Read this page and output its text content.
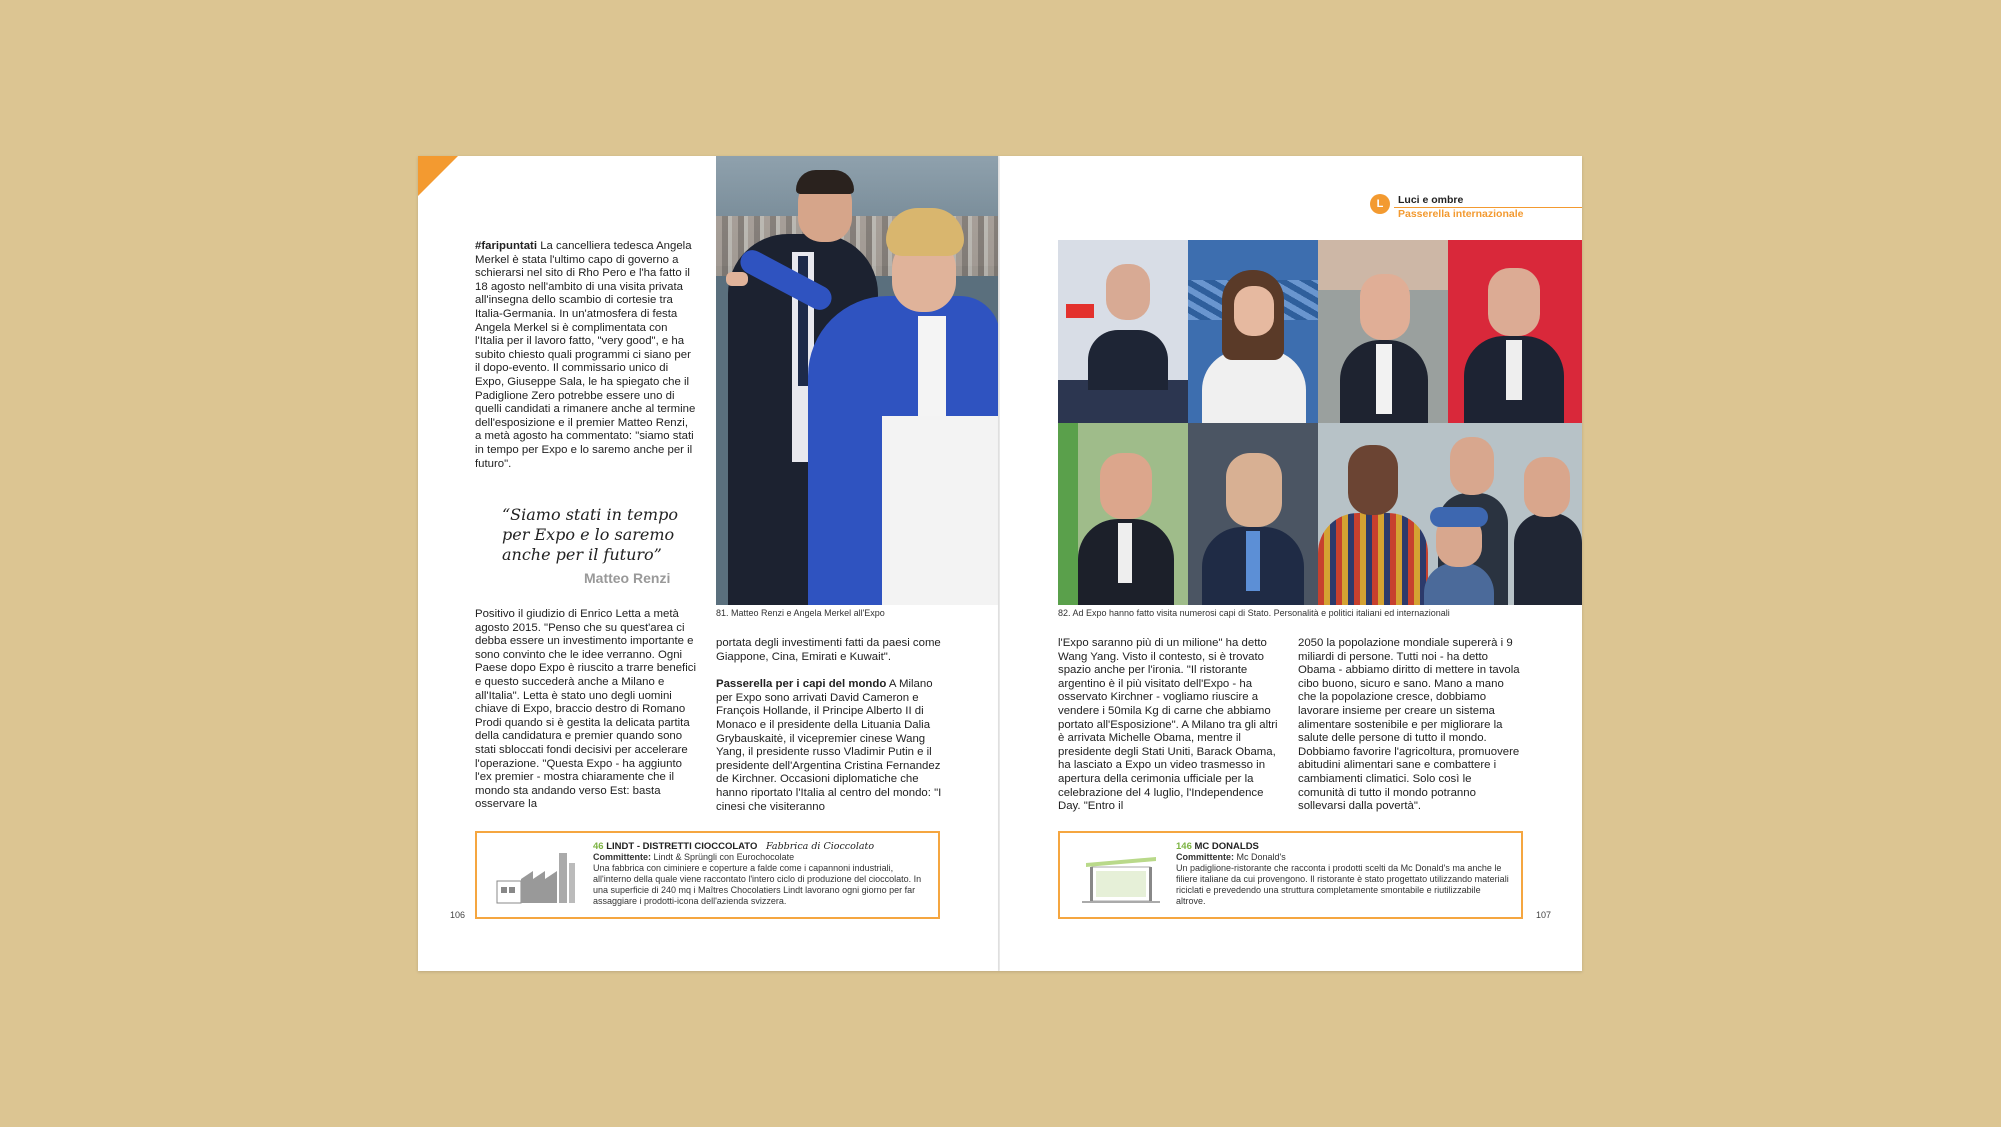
#faripuntati La cancelliera tedesca Angela Merkel è stata l'ultimo capo di governo a schierarsi nel sito di Rho Pero e l'ha fatto il 18 agosto nell'ambito di una visita privata all'insegna dello scambio di cortesie tra Italia-Germania. In un'atmosfera di festa Angela Merkel si è complimentata con l'Italia per il lavoro fatto, "very good", e ha subito chiesto quali programmi ci siano per il dopo-evento. Il commissario unico di Expo, Giuseppe Sala, le ha spiegato che il Padiglione Zero potrebbe essere uno di quelli candidati a rimanere anche al termine dell'esposizione e il premier Matteo Renzi, a metà agosto ha commentato: "siamo stati in tempo per Expo e lo saremo anche per il futuro".
“Siamo stati in tempo per Expo e lo saremo anche per il futuro”
Matteo Renzi
Positivo il giudizio di Enrico Letta a metà agosto 2015. "Penso che su quest'area ci debba essere un investimento importante e sono convinto che le idee verranno. Ogni Paese dopo Expo è riuscito a trarre benefici e questo succederà anche a Milano e all'Italia". Letta è stato uno degli uomini chiave di Expo, braccio destro di Romano Prodi quando si è gestita la delicata partita della candidatura e premier quando sono stati sbloccati fondi decisivi per accelerare l'operazione. "Questa Expo - ha aggiunto l'ex premier - mostra chiaramente che il mondo sta andando verso Est: basta osservare la
81. Matteo Renzi e Angela Merkel all'Expo
portata degli investimenti fatti da paesi come Giappone, Cina, Emirati e Kuwait".
Passerella per i capi del mondo A Milano per Expo sono arrivati David Cameron e François Hollande, il Principe Alberto II di Monaco e il presidente della Lituania Dalia Grybauskaitė, il vicepremier cinese Wang Yang, il presidente russo Vladimir Putin e il presidente dell'Argentina Cristina Fernandez de Kirchner. Occasioni diplomatiche che hanno riportato l'Italia al centro del mondo: "I cinesi che visiteranno
46 LINDT - DISTRETTI CIOCCOLATO Fabbrica di Cioccolato
Committente: Lindt & Sprüngli con Eurochocolate
Una fabbrica con ciminiere e coperture a falde come i capannoni industriali, all'interno della quale viene raccontato l'intero ciclo di produzione del cioccolato. In una superficie di 240 mq i Maîtres Chocolatiers Lindt lavorano ogni giorno per far assaggiare i prodotti-icona dell'azienda svizzera.
106
L	Luci e ombre
Passerella internazionale
82. Ad Expo hanno fatto visita numerosi capi di Stato. Personalità e politici italiani ed internazionali
l'Expo saranno più di un milione" ha detto Wang Yang. Visto il contesto, si è trovato spazio anche per l'ironia. "Il ristorante argentino è il più visitato dell'Expo - ha osservato Kirchner - vogliamo riuscire a vendere i 50mila Kg di carne che abbiamo portato all'Esposizione". A Milano tra gli altri è arrivata Michelle Obama, mentre il presidente degli Stati Uniti, Barack Obama, ha lasciato a Expo un video trasmesso in apertura della cerimonia ufficiale per la celebrazione del 4 luglio, l'Independence Day. "Entro il
2050 la popolazione mondiale supererà i 9 miliardi di persone. Tutti noi - ha detto Obama - abbiamo diritto di mettere in tavola cibo buono, sicuro e sano. Mano a mano che la popolazione cresce, dobbiamo lavorare insieme per creare un sistema alimentare sostenibile e per migliorare la salute delle persone di tutto il mondo. Dobbiamo favorire l'agricoltura, promuovere abitudini alimentari sane e combattere i cambiamenti climatici. Solo così le comunità di tutto il mondo potranno sollevarsi dalla povertà".
146 MC DONALDS
Committente: Mc Donald's
Un padiglione-ristorante che racconta i prodotti scelti da Mc Donald's ma anche le filiere italiane da cui provengono. Il ristorante è stato progettato utilizzando materiali riciclati e prevedendo una struttura completamente smontabile e riutilizzabile altrove.
107
